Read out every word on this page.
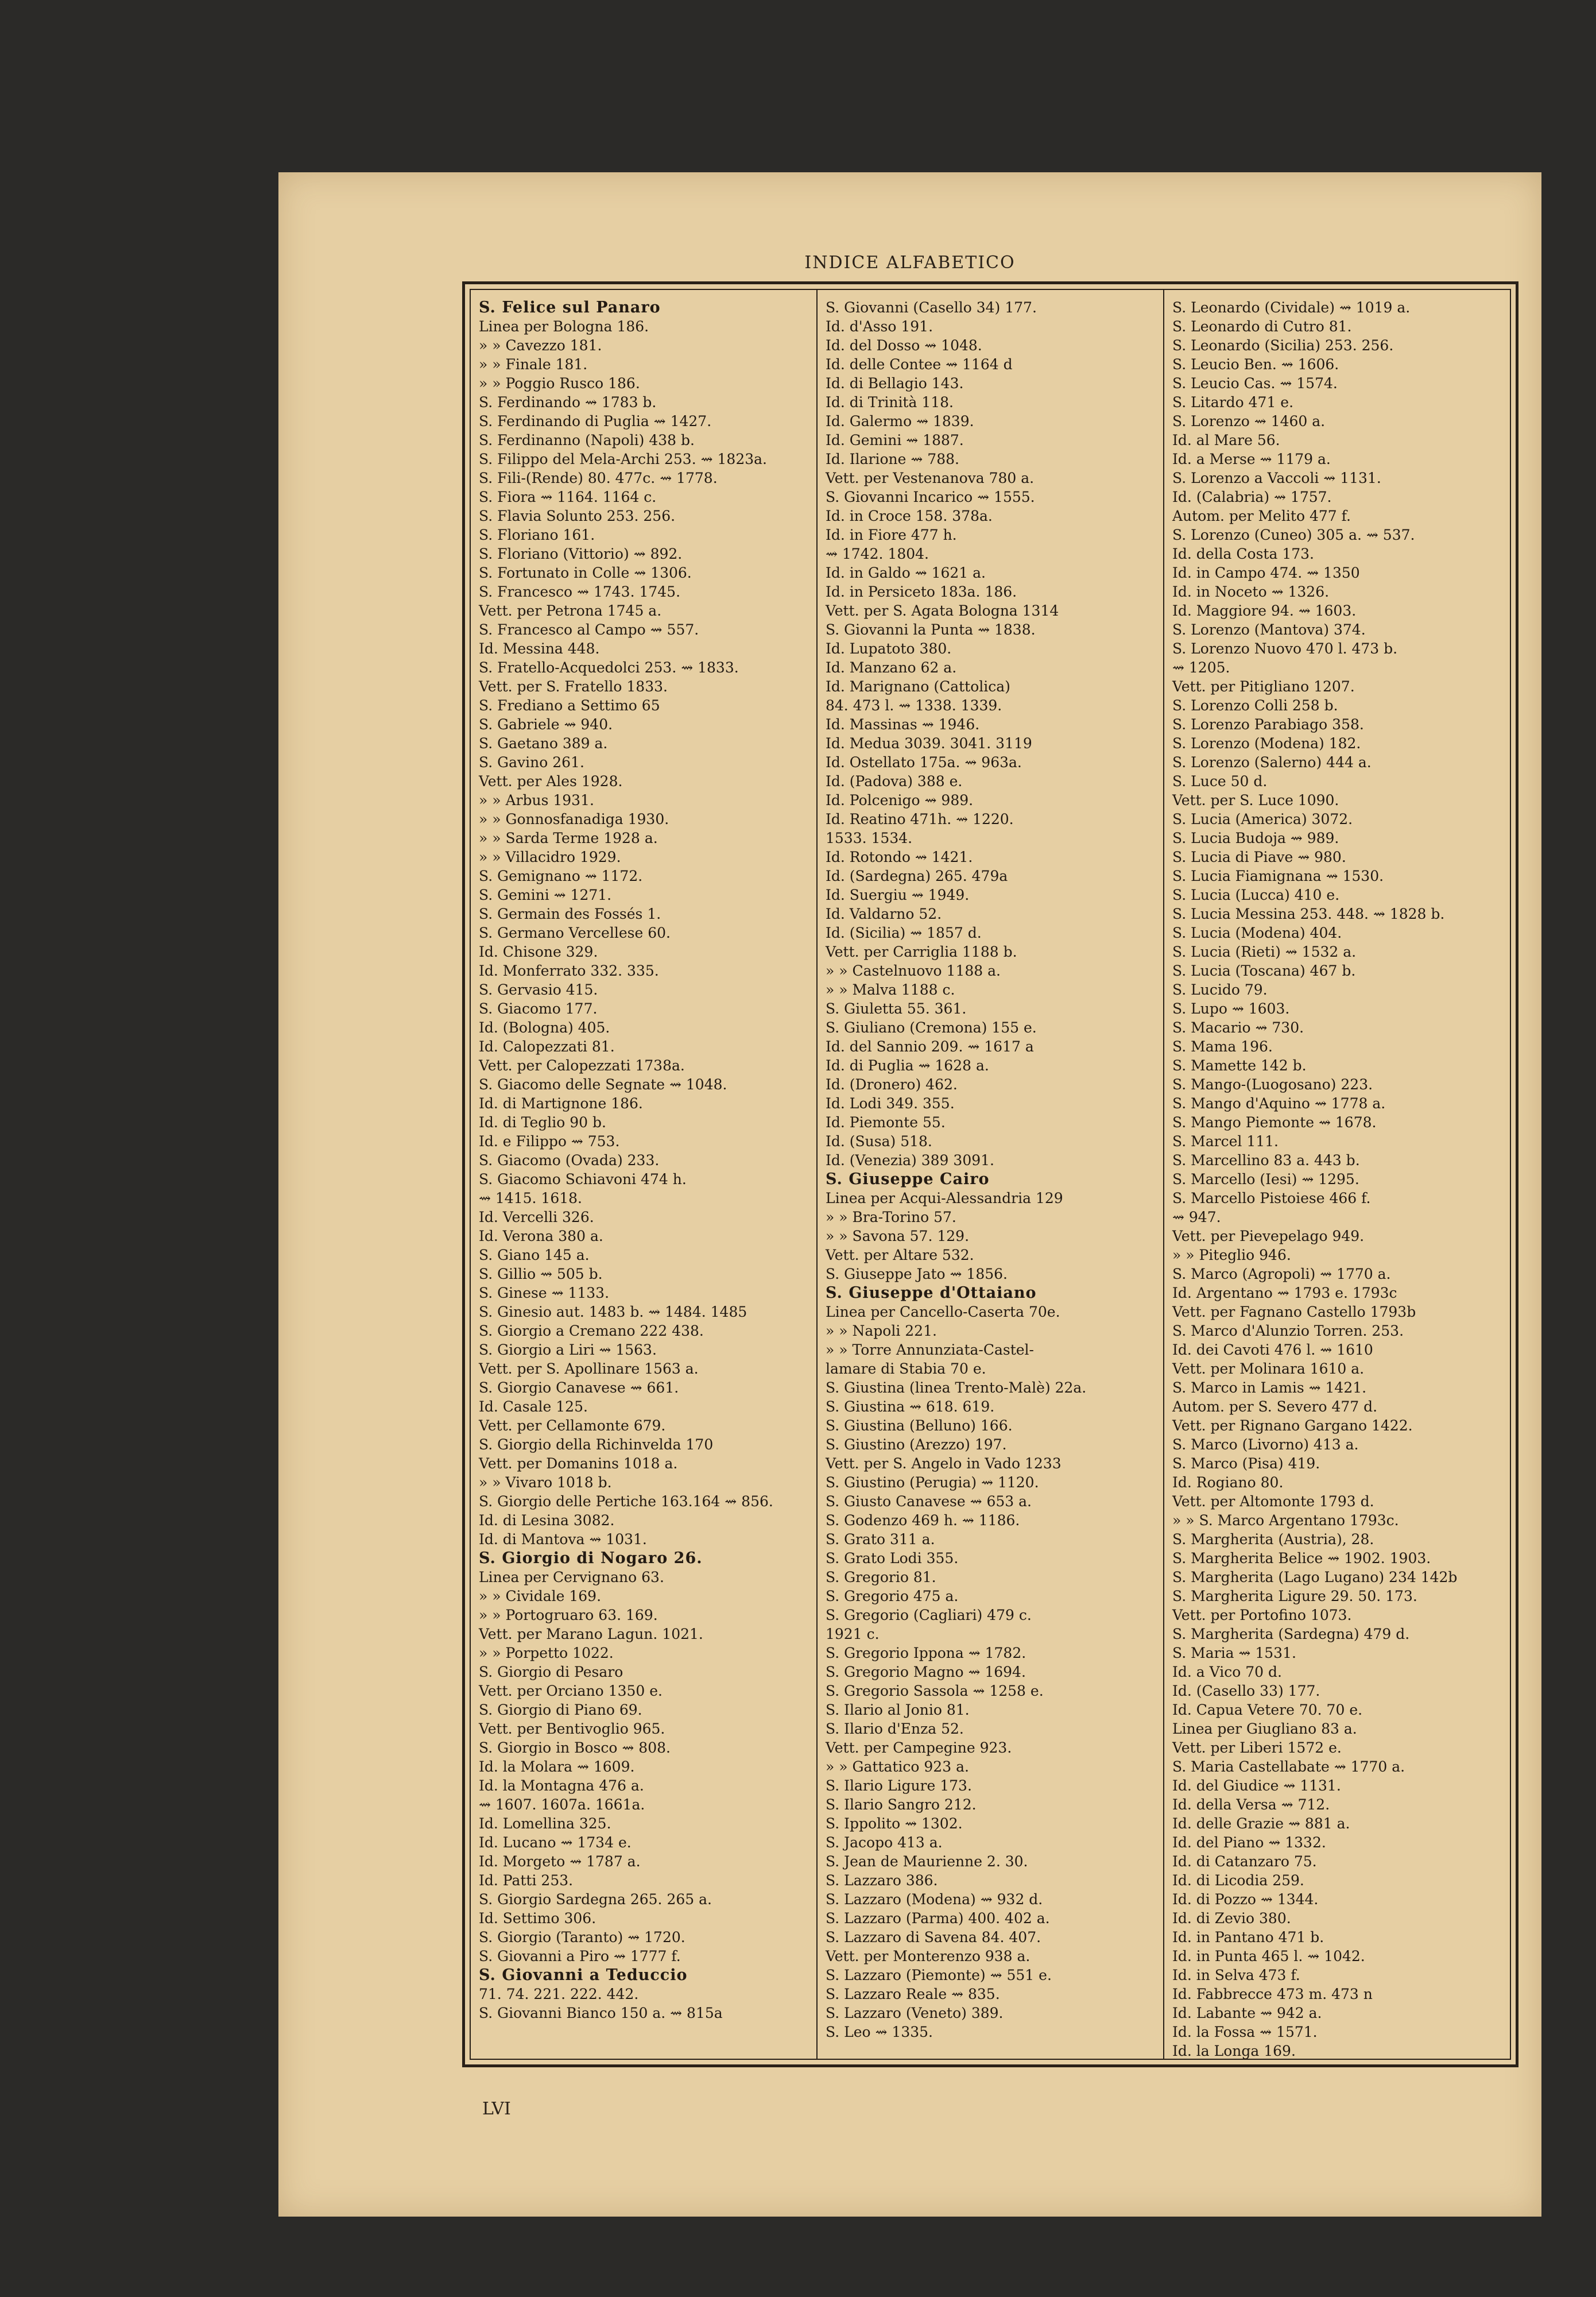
INDICE ALFABETICO
S. Felice sul Panaro
Linea per Bologna 186.
» » Cavezzo 181.
» » Finale 181.
» » Poggio Rusco 186.
S. Ferdinando ⇝ 1783 b.
S. Ferdinando di Puglia ⇝ 1427.
S. Ferdinanno (Napoli) 438 b.
S. Filippo del Mela-Archi 253. ⇝ 1823a.
S. Fili-(Rende) 80. 477c. ⇝ 1778.
S. Fiora ⇝ 1164. 1164 c.
S. Flavia Solunto 253. 256.
S. Floriano 161.
S. Floriano (Vittorio) ⇝ 892.
S. Fortunato in Colle ⇝ 1306.
S. Francesco ⇝ 1743. 1745.
Vett. per Petrona 1745 a.
S. Francesco al Campo ⇝ 557.
Id. Messina 448.
S. Fratello-Acquedolci 253. ⇝ 1833.
Vett. per S. Fratello 1833.
S. Frediano a Settimo 65
S. Gabriele ⇝ 940.
S. Gaetano 389 a.
S. Gavino 261.
Vett. per Ales 1928.
» » Arbus 1931.
» » Gonnosfanadiga 1930.
» » Sarda Terme 1928 a.
» » Villacidro 1929.
S. Gemignano ⇝ 1172.
S. Gemini ⇝ 1271.
S. Germain des Fossés 1.
S. Germano Vercellese 60.
Id. Chisone 329.
Id. Monferrato 332. 335.
S. Gervasio 415.
S. Giacomo 177.
Id. (Bologna) 405.
Id. Calopezzati 81.
Vett. per Calopezzati 1738a.
S. Giacomo delle Segnate ⇝ 1048.
Id. di Martignone 186.
Id. di Teglio 90 b.
Id. e Filippo ⇝ 753.
S. Giacomo (Ovada) 233.
S. Giacomo Schiavoni 474 h.
⇝ 1415. 1618.
Id. Vercelli 326.
Id. Verona 380 a.
S. Giano 145 a.
S. Gillio ⇝ 505 b.
S. Ginese ⇝ 1133.
S. Ginesio aut. 1483 b. ⇝ 1484. 1485
S. Giorgio a Cremano 222 438.
S. Giorgio a Liri ⇝ 1563.
Vett. per S. Apollinare 1563 a.
S. Giorgio Canavese ⇝ 661.
Id. Casale 125.
Vett. per Cellamonte 679.
S. Giorgio della Richinvelda 170
Vett. per Domanins 1018 a.
» » Vivaro 1018 b.
S. Giorgio delle Pertiche 163.164 ⇝ 856.
Id. di Lesina 3082.
Id. di Mantova ⇝ 1031.
S. Giorgio di Nogaro 26.
Linea per Cervignano 63.
» » Cividale 169.
» » Portogruaro 63. 169.
Vett. per Marano Lagun. 1021.
» » Porpetto 1022.
S. Giorgio di Pesaro
Vett. per Orciano 1350 e.
S. Giorgio di Piano 69.
Vett. per Bentivoglio 965.
S. Giorgio in Bosco ⇝ 808.
Id. la Molara ⇝ 1609.
Id. la Montagna 476 a.
⇝ 1607. 1607a. 1661a.
Id. Lomellina 325.
Id. Lucano ⇝ 1734 e.
Id. Morgeto ⇝ 1787 a.
Id. Patti 253.
S. Giorgio Sardegna 265. 265 a.
Id. Settimo 306.
S. Giorgio (Taranto) ⇝ 1720.
S. Giovanni a Piro ⇝ 1777 f.
S. Giovanni a Teduccio
71. 74. 221. 222. 442.
S. Giovanni Bianco 150 a. ⇝ 815a
S. Giovanni (Casello 34) 177.
Id. d'Asso 191.
Id. del Dosso ⇝ 1048.
Id. delle Contee ⇝ 1164 d
Id. di Bellagio 143.
Id. di Trinità 118.
Id. Galermo ⇝ 1839.
Id. Gemini ⇝ 1887.
Id. Ilarione ⇝ 788.
Vett. per Vestenanova 780 a.
S. Giovanni Incarico ⇝ 1555.
Id. in Croce 158. 378a.
Id. in Fiore 477 h.
⇝ 1742. 1804.
Id. in Galdo ⇝ 1621 a.
Id. in Persiceto 183a. 186.
Vett. per S. Agata Bologna 1314
S. Giovanni la Punta ⇝ 1838.
Id. Lupatoto 380.
Id. Manzano 62 a.
Id. Marignano (Cattolica)
84. 473 l. ⇝ 1338. 1339.
Id. Massinas ⇝ 1946.
Id. Medua 3039. 3041. 3119
Id. Ostellato 175a. ⇝ 963a.
Id. (Padova) 388 e.
Id. Polcenigo ⇝ 989.
Id. Reatino 471h. ⇝ 1220.
1533. 1534.
Id. Rotondo ⇝ 1421.
Id. (Sardegna) 265. 479a
Id. Suergiu ⇝ 1949.
Id. Valdarno 52.
Id. (Sicilia) ⇝ 1857 d.
Vett. per Carriglia 1188 b.
» » Castelnuovo 1188 a.
» » Malva 1188 c.
S. Giuletta 55. 361.
S. Giuliano (Cremona) 155 e.
Id. del Sannio 209. ⇝ 1617 a
Id. di Puglia ⇝ 1628 a.
Id. (Dronero) 462.
Id. Lodi 349. 355.
Id. Piemonte 55.
Id. (Susa) 518.
Id. (Venezia) 389 3091.
S. Giuseppe Cairo
Linea per Acqui-Alessandria 129
» » Bra-Torino 57.
» » Savona 57. 129.
Vett. per Altare 532.
S. Giuseppe Jato ⇝ 1856.
S. Giuseppe d'Ottaiano
Linea per Cancello-Caserta 70e.
» » Napoli 221.
» » Torre Annunziata-Castel-
lamare di Stabia 70 e.
S. Giustina (linea Trento-Malè) 22a.
S. Giustina ⇝ 618. 619.
S. Giustina (Belluno) 166.
S. Giustino (Arezzo) 197.
Vett. per S. Angelo in Vado 1233
S. Giustino (Perugia) ⇝ 1120.
S. Giusto Canavese ⇝ 653 a.
S. Godenzo 469 h. ⇝ 1186.
S. Grato 311 a.
S. Grato Lodi 355.
S. Gregorio 81.
S. Gregorio 475 a.
S. Gregorio (Cagliari) 479 c.
1921 c.
S. Gregorio Ippona ⇝ 1782.
S. Gregorio Magno ⇝ 1694.
S. Gregorio Sassola ⇝ 1258 e.
S. Ilario al Jonio 81.
S. Ilario d'Enza 52.
Vett. per Campegine 923.
» » Gattatico 923 a.
S. Ilario Ligure 173.
S. Ilario Sangro 212.
S. Ippolito ⇝ 1302.
S. Jacopo 413 a.
S. Jean de Maurienne 2. 30.
S. Lazzaro 386.
S. Lazzaro (Modena) ⇝ 932 d.
S. Lazzaro (Parma) 400. 402 a.
S. Lazzaro di Savena 84. 407.
Vett. per Monterenzo 938 a.
S. Lazzaro (Piemonte) ⇝ 551 e.
S. Lazzaro Reale ⇝ 835.
S. Lazzaro (Veneto) 389.
S. Leo ⇝ 1335.
S. Leonardo (Cividale) ⇝ 1019 a.
S. Leonardo di Cutro 81.
S. Leonardo (Sicilia) 253. 256.
S. Leucio Ben. ⇝ 1606.
S. Leucio Cas. ⇝ 1574.
S. Litardo 471 e.
S. Lorenzo ⇝ 1460 a.
Id. al Mare 56.
Id. a Merse ⇝ 1179 a.
S. Lorenzo a Vaccoli ⇝ 1131.
Id. (Calabria) ⇝ 1757.
Autom. per Melito 477 f.
S. Lorenzo (Cuneo) 305 a. ⇝ 537.
Id. della Costa 173.
Id. in Campo 474. ⇝ 1350
Id. in Noceto ⇝ 1326.
Id. Maggiore 94. ⇝ 1603.
S. Lorenzo (Mantova) 374.
S. Lorenzo Nuovo 470 l. 473 b.
⇝ 1205.
Vett. per Pitigliano 1207.
S. Lorenzo Colli 258 b.
S. Lorenzo Parabiago 358.
S. Lorenzo (Modena) 182.
S. Lorenzo (Salerno) 444 a.
S. Luce 50 d.
Vett. per S. Luce 1090.
S. Lucia (America) 3072.
S. Lucia Budoja ⇝ 989.
S. Lucia di Piave ⇝ 980.
S. Lucia Fiamignana ⇝ 1530.
S. Lucia (Lucca) 410 e.
S. Lucia Messina 253. 448. ⇝ 1828 b.
S. Lucia (Modena) 404.
S. Lucia (Rieti) ⇝ 1532 a.
S. Lucia (Toscana) 467 b.
S. Lucido 79.
S. Lupo ⇝ 1603.
S. Macario ⇝ 730.
S. Mama 196.
S. Mamette 142 b.
S. Mango-(Luogosano) 223.
S. Mango d'Aquino ⇝ 1778 a.
S. Mango Piemonte ⇝ 1678.
S. Marcel 111.
S. Marcellino 83 a. 443 b.
S. Marcello (Iesi) ⇝ 1295.
S. Marcello Pistoiese 466 f.
⇝ 947.
Vett. per Pievepelago 949.
» » Piteglio 946.
S. Marco (Agropoli) ⇝ 1770 a.
Id. Argentano ⇝ 1793 e. 1793c
Vett. per Fagnano Castello 1793b
S. Marco d'Alunzio Torren. 253.
Id. dei Cavoti 476 l. ⇝ 1610
Vett. per Molinara 1610 a.
S. Marco in Lamis ⇝ 1421.
Autom. per S. Severo 477 d.
Vett. per Rignano Gargano 1422.
S. Marco (Livorno) 413 a.
S. Marco (Pisa) 419.
Id. Rogiano 80.
Vett. per Altomonte 1793 d.
» » S. Marco Argentano 1793c.
S. Margherita (Austria), 28.
S. Margherita Belice ⇝ 1902. 1903.
S. Margherita (Lago Lugano) 234 142b
S. Margherita Ligure 29. 50. 173.
Vett. per Portofino 1073.
S. Margherita (Sardegna) 479 d.
S. Maria ⇝ 1531.
Id. a Vico 70 d.
Id. (Casello 33) 177.
Id. Capua Vetere 70. 70 e.
Linea per Giugliano 83 a.
Vett. per Liberi 1572 e.
S. Maria Castellabate ⇝ 1770 a.
Id. del Giudice ⇝ 1131.
Id. della Versa ⇝ 712.
Id. delle Grazie ⇝ 881 a.
Id. del Piano ⇝ 1332.
Id. di Catanzaro 75.
Id. di Licodia 259.
Id. di Pozzo ⇝ 1344.
Id. di Zevio 380.
Id. in Pantano 471 b.
Id. in Punta 465 l. ⇝ 1042.
Id. in Selva 473 f.
Id. Fabbrecce 473 m. 473 n
Id. Labante ⇝ 942 a.
Id. la Fossa ⇝ 1571.
Id. la Longa 169.
LVI
